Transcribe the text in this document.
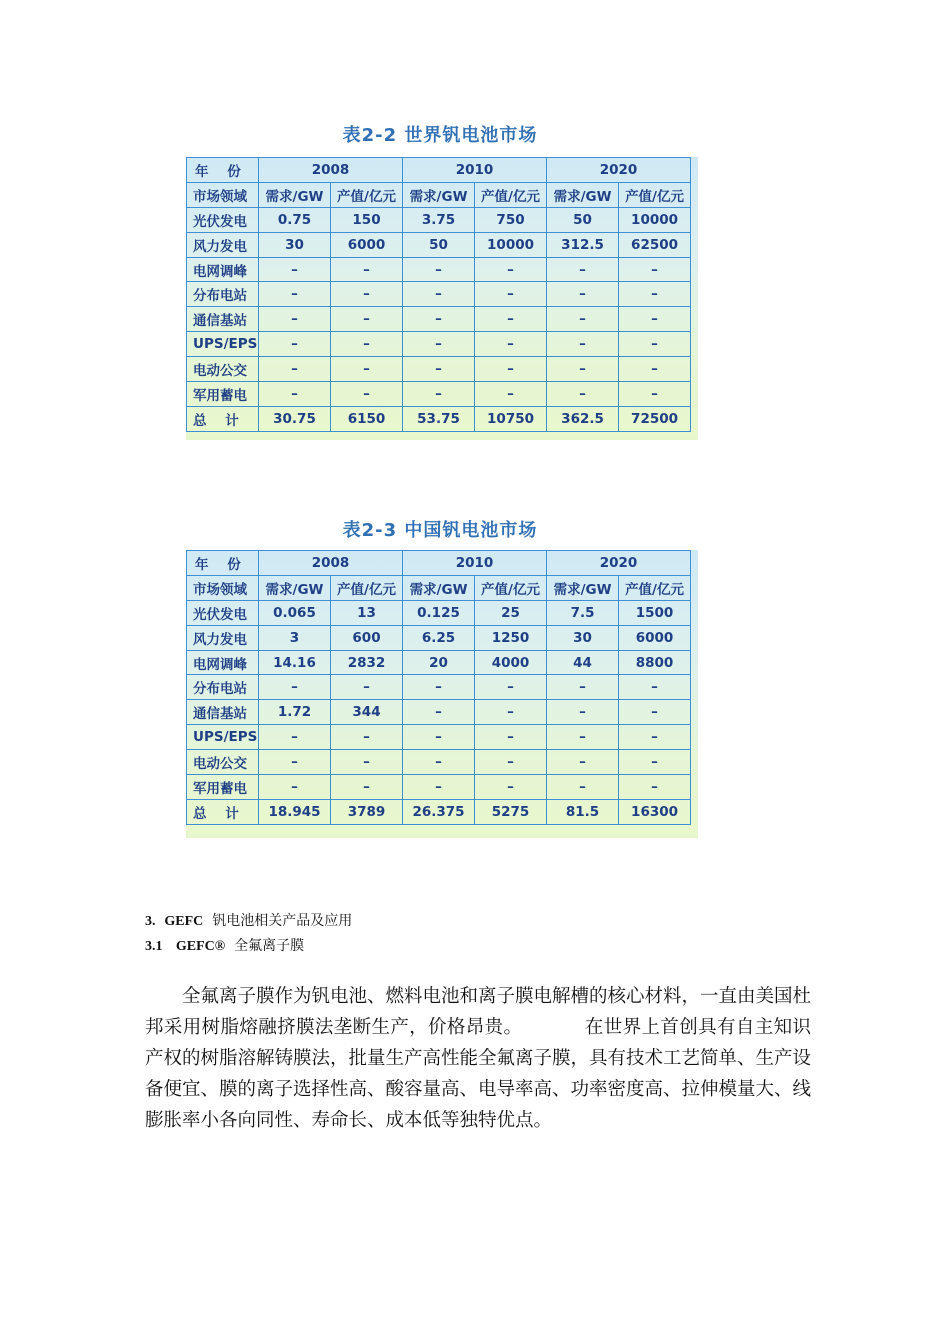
表2-2 世界钒电池市场
年    份	2008		2010		2020	
市场领域	需求/GW	产值/亿元	需求/GW	产值/亿元	需求/GW	产值/亿元
光伏发电	0.75	150	3.75	750	50	10000
风力发电	30	6000	50	10000	312.5	62500
电网调峰	–	–	–	–	–	–
分布电站	–	–	–	–	–	–
通信基站	–	–	–	–	–	–
UPS/EPS	–	–	–	–	–	–
电动公交	–	–	–	–	–	–
军用蓄电	–	–	–	–	–	–
总    计	30.75	6150	53.75	10750	362.5	72500
表2-3 中国钒电池市场
年    份	2008		2010		2020	
市场领域	需求/GW	产值/亿元	需求/GW	产值/亿元	需求/GW	产值/亿元
光伏发电	0.065	13	0.125	25	7.5	1500
风力发电	3	600	6.25	1250	30	6000
电网调峰	14.16	2832	20	4000	44	8800
分布电站	–	–	–	–	–	–
通信基站	1.72	344	–	–	–	–
UPS/EPS	–	–	–	–	–	–
电动公交	–	–	–	–	–	–
军用蓄电	–	–	–	–	–	–
总    计	18.945	3789	26.375	5275	81.5	16300
3. GEFC 钒电池相关产品及应用
3.1 GEFC® 全氟离子膜
全氟离子膜作为钒电池、燃料电池和离子膜电解槽的核心材料，一直由美国杜邦采用树脂熔融挤膜法垄断生产，价格昂贵。          在世界上首创具有自主知识产权的树脂溶解铸膜法，批量生产高性能全氟离子膜，具有技术工艺简单、生产设备便宜、膜的离子选择性高、酸容量高、电导率高、功率密度高、拉伸模量大、线膨胀率小各向同性、寿命长、成本低等独特优点。
